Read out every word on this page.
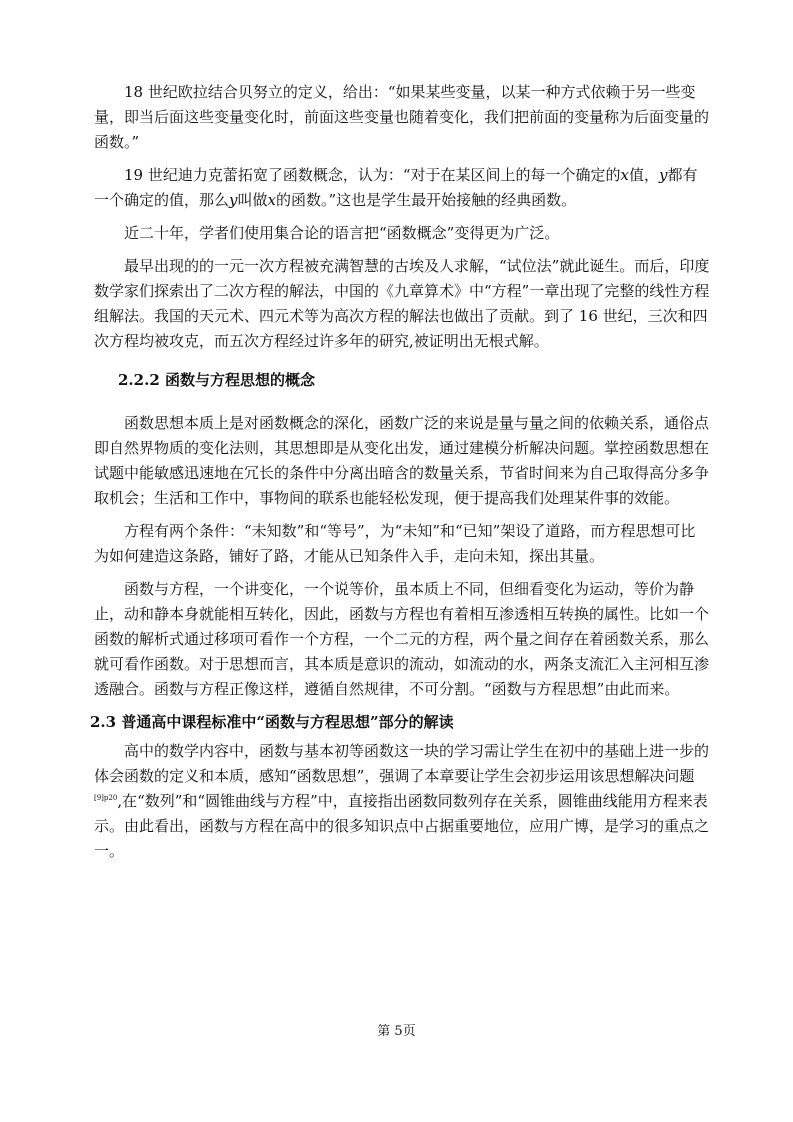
18 世纪欧拉结合贝努立的定义，给出：“如果某些变量，以某一种方式依赖于另一些变量，即当后面这些变量变化时，前面这些变量也随着变化，我们把前面的变量称为后面变量的函数。”

19 世纪迪力克蕾拓宽了函数概念，认为：“对于在某区间上的每一个确定的x值，y都有一个确定的值，那么y叫做x的函数。”这也是学生最开始接触的经典函数。

近二十年，学者们使用集合论的语言把“函数概念”变得更为广泛。

最早出现的的一元一次方程被充满智慧的古埃及人求解，“试位法”就此诞生。而后，印度数学家们探索出了二次方程的解法，中国的《九章算术》中“方程”一章出现了完整的线性方程组解法。我国的天元术、四元术等为高次方程的解法也做出了贡献。到了 16 世纪，三次和四次方程均被攻克，而五次方程经过许多年的研究,被证明出无根式解。

2.2.2 函数与方程思想的概念

函数思想本质上是对函数概念的深化，函数广泛的来说是量与量之间的依赖关系，通俗点即自然界物质的变化法则，其思想即是从变化出发，通过建模分析解决问题。掌控函数思想在试题中能敏感迅速地在冗长的条件中分离出暗含的数量关系，节省时间来为自己取得高分多争取机会；生活和工作中，事物间的联系也能轻松发现，便于提高我们处理某件事的效能。

方程有两个条件：“未知数”和“等号”，为“未知”和“已知”架设了道路，而方程思想可比为如何建造这条路，铺好了路，才能从已知条件入手，走向未知，探出其量。

函数与方程，一个讲变化，一个说等价，虽本质上不同，但细看变化为运动，等价为静止，动和静本身就能相互转化，因此，函数与方程也有着相互渗透相互转换的属性。比如一个函数的解析式通过移项可看作一个方程，一个二元的方程，两个量之间存在着函数关系，那么就可看作函数。对于思想而言，其本质是意识的流动，如流动的水，两条支流汇入主河相互渗透融合。函数与方程正像这样，遵循自然规律，不可分割。“函数与方程思想”由此而来。

2.3 普通高中课程标准中“函数与方程思想”部分的解读

高中的数学内容中，函数与基本初等函数这一块的学习需让学生在初中的基础上进一步的体会函数的定义和本质，感知“函数思想”，强调了本章要让学生会初步运用该思想解决问题$^{[9]p20}$,在“数列”和“圆锥曲线与方程”中，直接指出函数同数列存在关系，圆锥曲线能用方程来表示。由此看出，函数与方程在高中的很多知识点中占据重要地位，应用广博，是学习的重点之一。

第 5页
